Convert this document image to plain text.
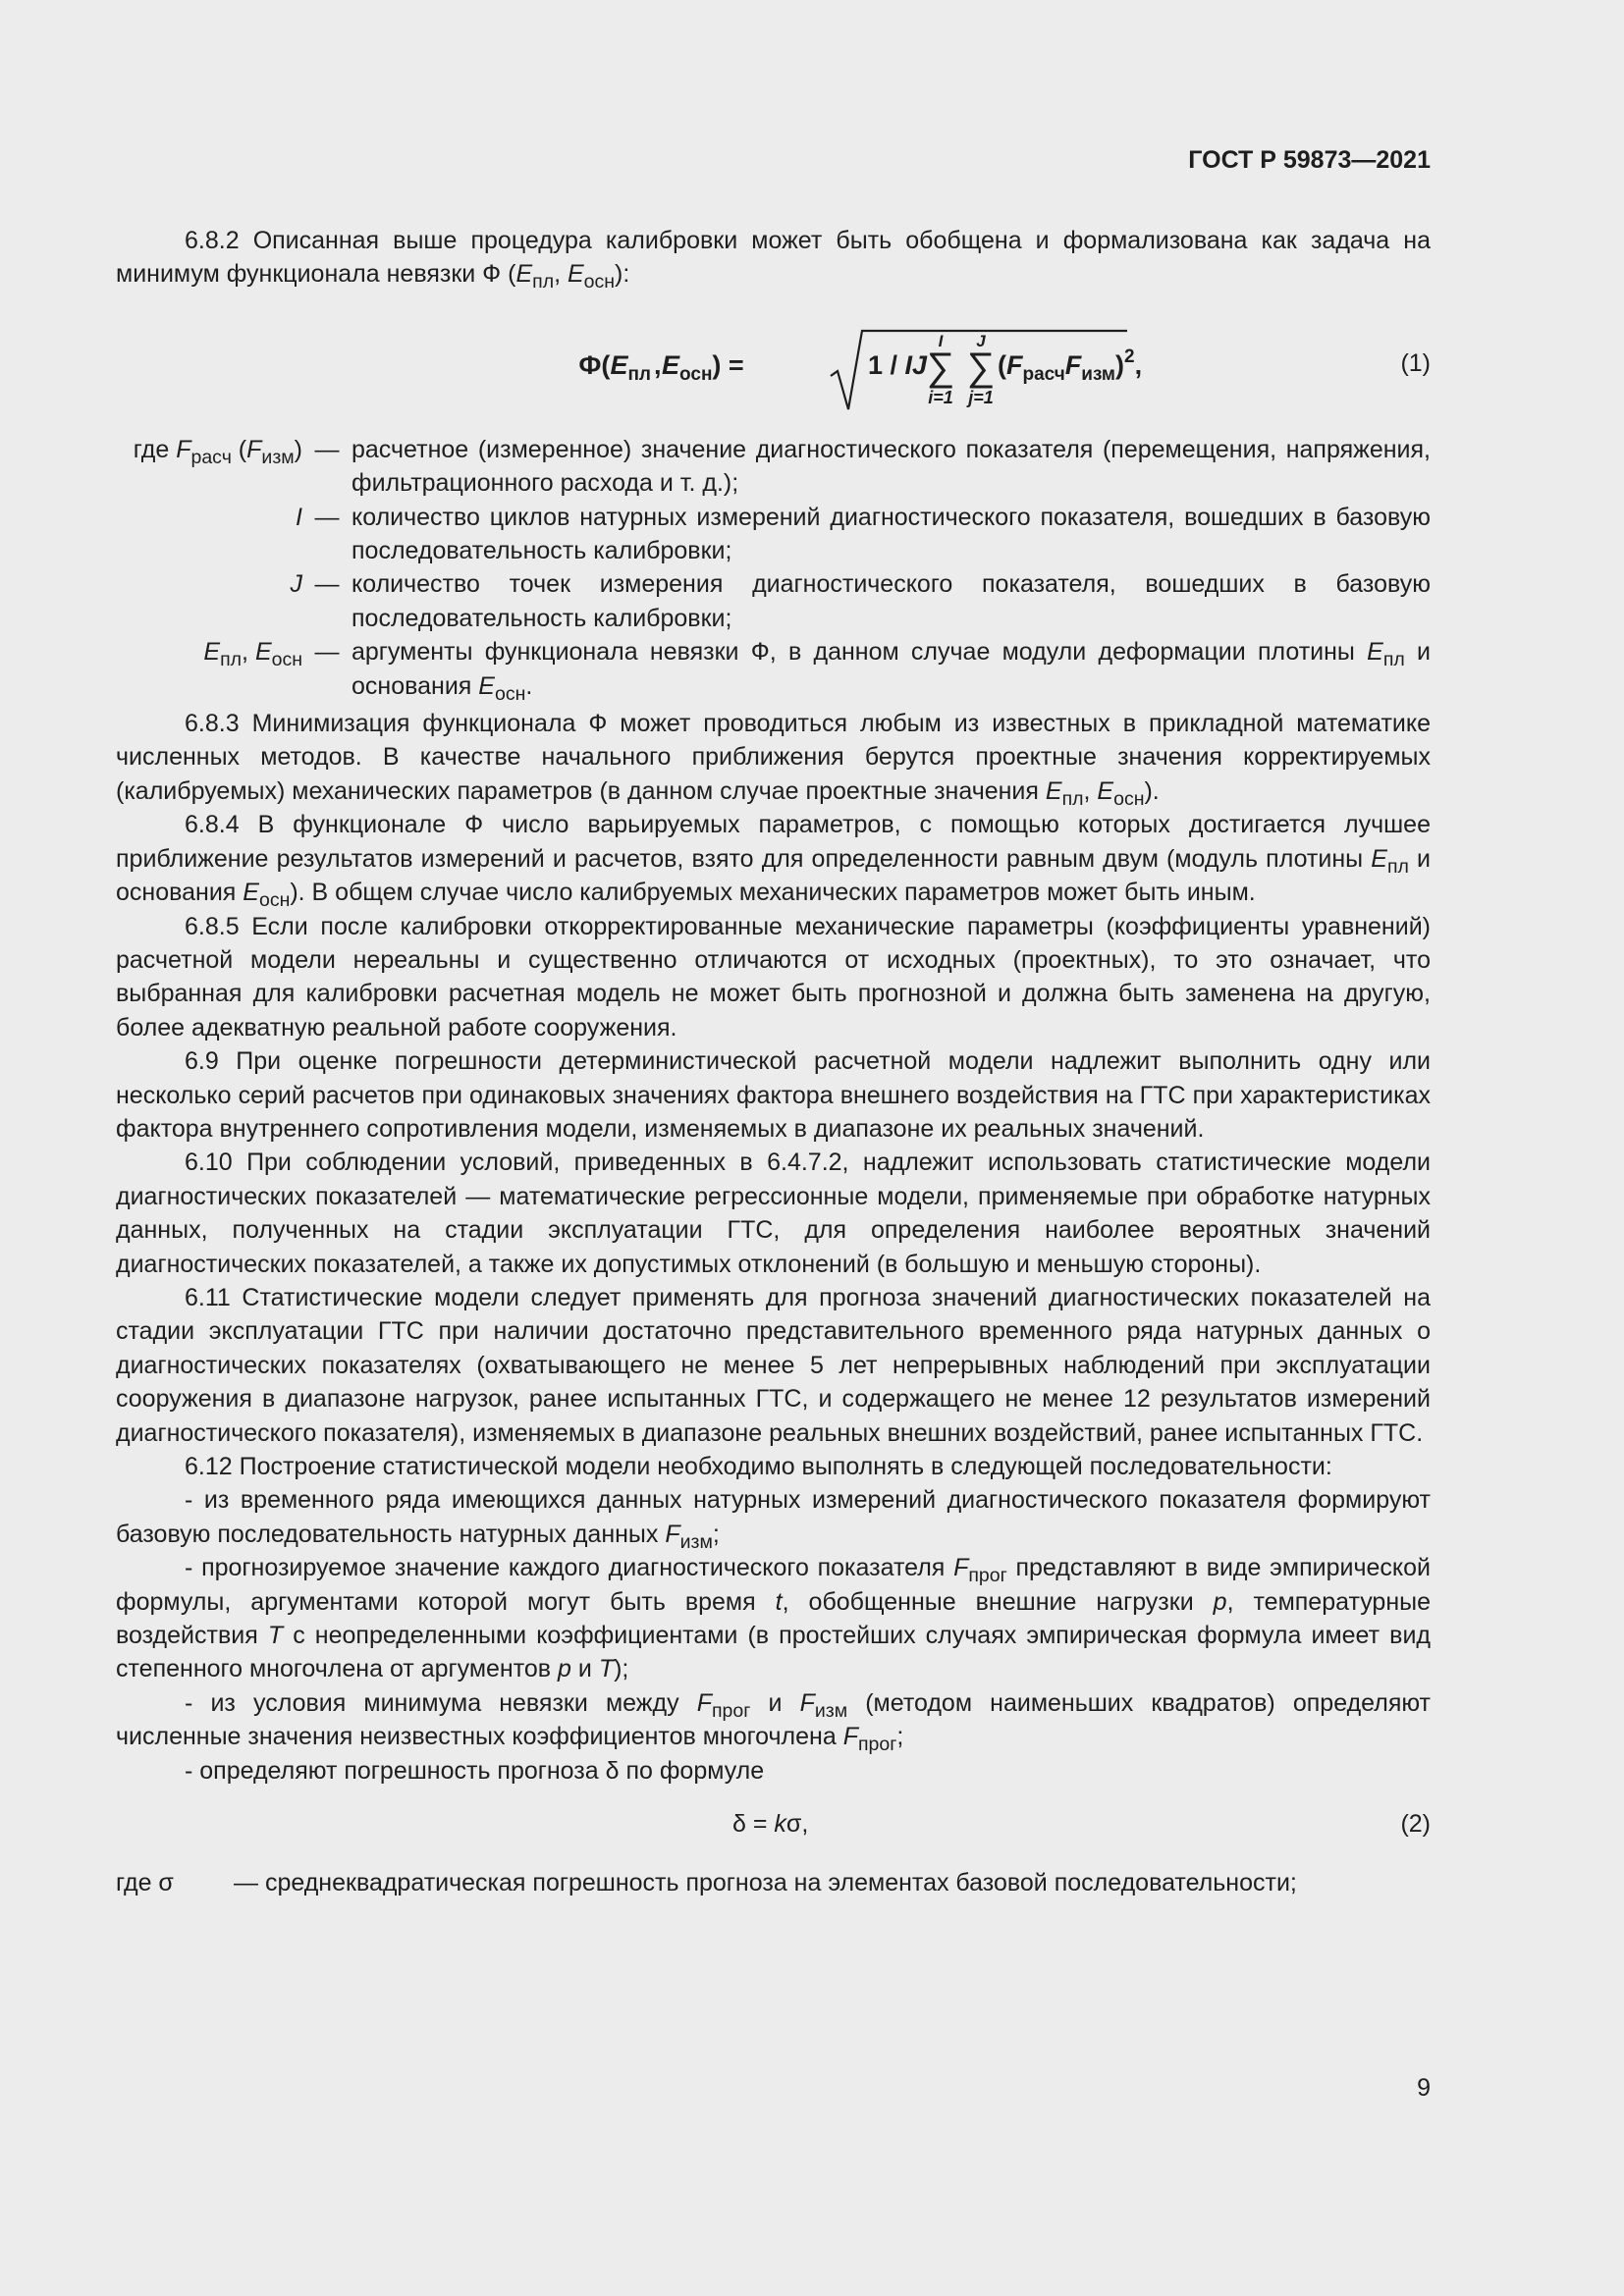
ГОСТ Р 59873—2021

6.8.2 Описанная выше процедура калибровки может быть обобщена и формализована как задача на минимум функционала невязки Ф ($E_{пл}$, $E_{осн}$):

$Ф(E_{пл}$ , $E_{осн}$) =	1 / IJ
I
∑
i=1
J
∑
j=1
$(F_{расч}F_{изм})^2$,	(1)
где $F_{расч}$ $(F_{изм})$ — расчетное (измеренное) значение диагностического показателя (перемещения, напряжения, фильтрационного расхода и т. д.);
I — количество циклов натурных измерений диагностического показателя, вошедших в базовую последовательность калибровки;
J — количество точек измерения диагностического показателя, вошедших в базовую последовательность калибровки;
$E_{пл}$, $E_{осн}$ — аргументы функционала невязки Ф, в данном случае модули деформации плотины $E_{пл}$ и основания $E_{осн}$.

6.8.3 Минимизация функционала Ф может проводиться любым из известных в прикладной математике численных методов. В качестве начального приближения берутся проектные значения корректируемых (калибруемых) механических параметров (в данном случае проектные значения $E_{пл}$, $E_{осн}$).

6.8.4 В функционале Ф число варьируемых параметров, с помощью которых достигается лучшее приближение результатов измерений и расчетов, взято для определенности равным двум (модуль плотины $E_{пл}$ и основания $E_{осн}$). В общем случае число калибруемых механических параметров может быть иным.

6.8.5 Если после калибровки откорректированные механические параметры (коэффициенты уравнений) расчетной модели нереальны и существенно отличаются от исходных (проектных), то это означает, что выбранная для калибровки расчетная модель не может быть прогнозной и должна быть заменена на другую, более адекватную реальной работе сооружения.

6.9 При оценке погрешности детерминистической расчетной модели надлежит выполнить одну или несколько серий расчетов при одинаковых значениях фактора внешнего воздействия на ГТС при характеристиках фактора внутреннего сопротивления модели, изменяемых в диапазоне их реальных значений.

6.10 При соблюдении условий, приведенных в 6.4.7.2, надлежит использовать статистические модели диагностических показателей — математические регрессионные модели, применяемые при обработке натурных данных, полученных на стадии эксплуатации ГТС, для определения наиболее вероятных значений диагностических показателей, а также их допустимых отклонений (в большую и меньшую стороны).

6.11 Статистические модели следует применять для прогноза значений диагностических показателей на стадии эксплуатации ГТС при наличии достаточно представительного временного ряда натурных данных о диагностических показателях (охватывающего не менее 5 лет непрерывных наблюдений при эксплуатации сооружения в диапазоне нагрузок, ранее испытанных ГТС, и содержащего не менее 12 результатов измерений диагностического показателя), изменяемых в диапазоне реальных внешних воздействий, ранее испытанных ГТС.

6.12 Построение статистической модели необходимо выполнять в следующей последовательности:

- из временного ряда имеющихся данных натурных измерений диагностического показателя формируют базовую последовательность натурных данных $F_{изм}$;

- прогнозируемое значение каждого диагностического показателя $F_{прог}$ представляют в виде эмпирической формулы, аргументами которой могут быть время t, обобщенные внешние нагрузки p, температурные воздействия T с неопределенными коэффициентами (в простейших случаях эмпирическая формула имеет вид степенного многочлена от аргументов p и T);

- из условия минимума невязки между $F_{прог}$ и $F_{изм}$ (методом наименьших квадратов) определяют численные значения неизвестных коэффициентов многочлена $F_{прог}$;

- определяют погрешность прогноза δ по формуле

δ = kσ,	(2)
где σ	— среднеквадратическая погрешность прогноза на элементах базовой последовательности;
9
